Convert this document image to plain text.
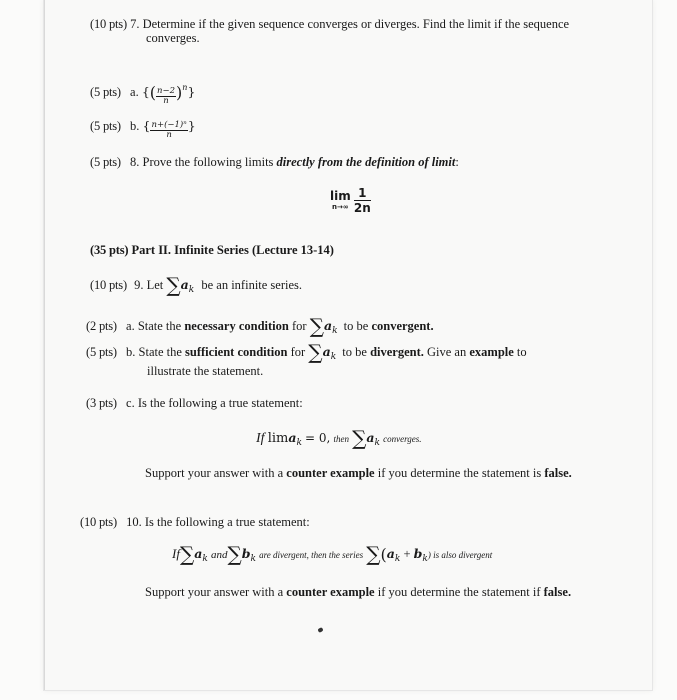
(10 pts) 7. Determine if the given sequence converges or diverges. Find the limit if the sequence
converges.
(5 pts) a. {( $\frac{n-2}{n} )^n$}
(5 pts) b. { $\frac{\text{n+(−1)ⁿ}}{n}$ }
(5 pts) 8. Prove the following limits directly from the definition of limit:
lim
n→∞
$\frac{1}{2n}$
(35 pts) Part II. Infinite Series (Lecture 13-14)
(10 pts) 9. Let $\sum a_k$ be an infinite series.
(2 pts) a. State the necessary condition for $\sum a_k$ to be convergent.
(5 pts) b. State the sufficient condition for $\sum a_k$ to be divergent. Give an example to
illustrate the statement.
(3 pts) c. Is the following a true statement:
If lima$_k$ = 0, then $\sum a_k$ converges.
Support your answer with a counter example if you determine the statement is false.
(10 pts) 10. Is the following a true statement:
$If\sum a_k$ $and\sum b_k$ are divergent, then the series $\sum(a_k + b_k)$ is also divergent
Support your answer with a counter example if you determine the statement if false.
